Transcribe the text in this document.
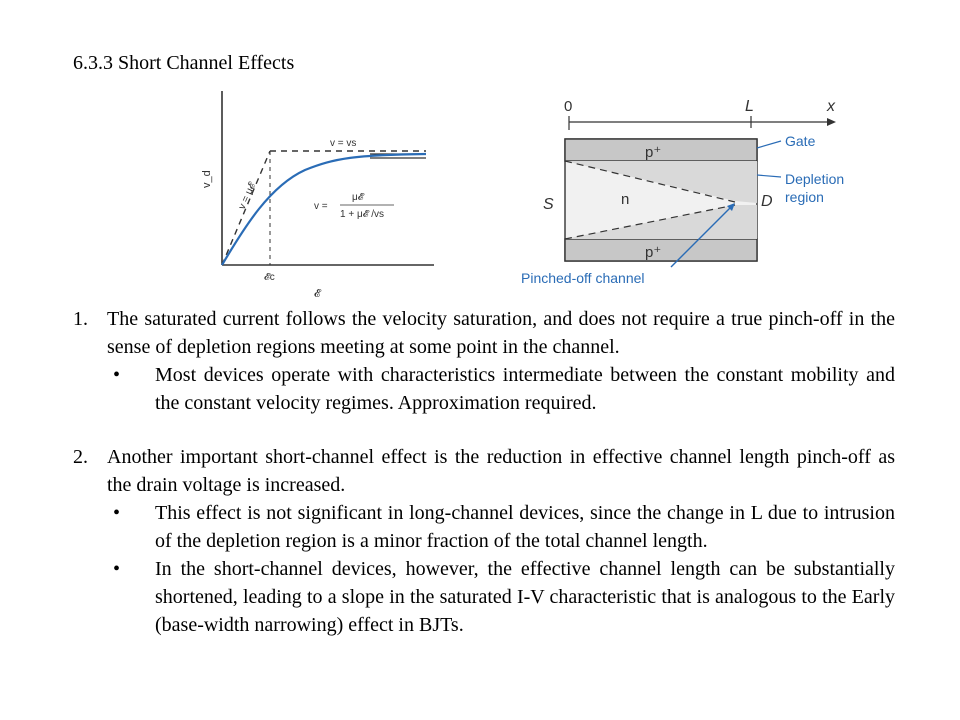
6.3.3 Short Channel Effects
v_d
𝓔
𝓔c
v = vs
v = μ𝓔	v =
μ𝓔
1 + μ𝓔 /vs
0	L	x
p⁺
p⁺
n
S	D
Gate
Depletion
region
Pinched-off channel
1. The saturated current follows the velocity saturation, and does not require a true pinch-off in the sense of depletion regions meeting at some point in the channel.
•	Most devices operate with characteristics intermediate between the constant mobility and the constant velocity regimes. Approximation required.
2. Another important short-channel effect is the reduction in effective channel length pinch-off as the drain voltage is increased.
•	This effect is not significant in long-channel devices, since the change in L due to intrusion of the depletion region is a minor fraction of the total channel length.
•	In the short-channel devices, however, the effective channel length can be substantially shortened, leading to a slope in the saturated I-V characteristic that is analogous to the Early (base-width narrowing) effect in BJTs.
